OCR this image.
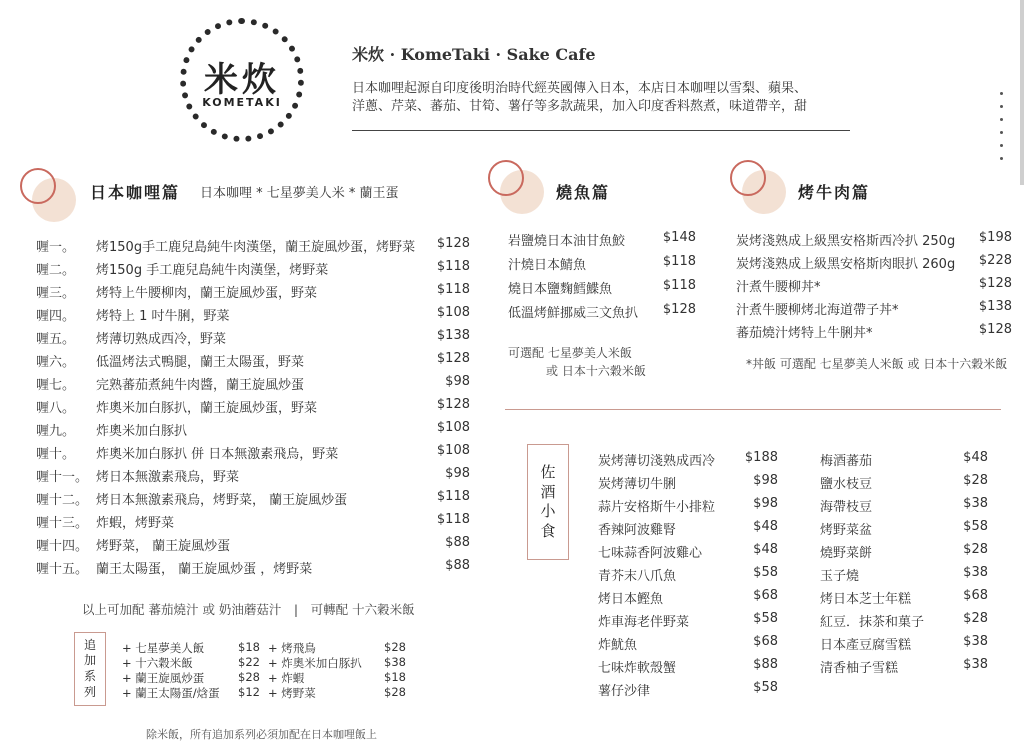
米炊
KOMETAKI
米炊 · KomeTaki · Sake Cafe
日本咖哩起源自印度後明治時代經英國傳入日本，本店日本咖哩以雪梨、蘋果、
洋蔥、芹菜、蕃茄、甘筍、薯仔等多款蔬果，加入印度香料熬煮，味道帶辛，甜
日本咖哩篇 日本咖哩 * 七星夢美人米 * 蘭王蛋
喱一。	烤150g手工鹿兒島純牛肉漢堡，蘭王旋風炒蛋，烤野菜	$128
喱二。	烤150g 手工鹿兒島純牛肉漢堡，烤野菜	$118
喱三。	烤特上牛腰柳肉，蘭王旋風炒蛋，野菜	$118
喱四。	烤特上 1 吋牛脷，野菜	$108
喱五。	烤薄切熟成西冷，野菜	$138
喱六。	低溫烤法式鴨腿，蘭王太陽蛋，野菜	$128
喱七。	完熟蕃茄煮純牛肉醬，蘭王旋風炒蛋	$98
喱八。	炸奧米加白豚扒，蘭王旋風炒蛋，野菜	$128
喱九。	炸奧米加白豚扒	$108
喱十。	炸奧米加白豚扒 併 日本無激素飛烏，野菜	$108
喱十一。 烤日本無激素飛烏，野菜	$98
喱十二。 烤日本無激素飛烏，烤野菜， 蘭王旋風炒蛋	$118
喱十三。 炸蝦，烤野菜	$118
喱十四。 烤野菜， 蘭王旋風炒蛋	$88
喱十五。 蘭王太陽蛋， 蘭王旋風炒蛋 ，烤野菜	$88
以上可加配 蕃茄燒汁 或 奶油蘑菇汁　|　可轉配 十六穀米飯
追
加
系
列
+ 七星夢美人飯	$18
+ 十六穀米飯	$22
+ 蘭王旋風炒蛋	$28
+ 蘭王太陽蛋/焓蛋	$12
+ 烤飛鳥	$28
+ 炸奧米加白豚扒	$38
+ 炸蝦	$18
+ 烤野菜	$28
除米飯，所有追加系列必須加配在日本咖哩飯上
燒魚篇
岩鹽燒日本油甘魚鮫	$148
汁燒日本鯖魚	$118
燒日本鹽麴鱈鰈魚	$118
低溫烤鮮挪威三文魚扒	$128
可選配 七星夢美人米飯
或 日本十六穀米飯
烤牛肉篇
炭烤淺熟成上級黑安格斯西冷扒 250g	$198
炭烤淺熟成上級黑安格斯肉眼扒 260g	$228
汁煮牛腰柳丼*	$128
汁煮牛腰柳烤北海道帶子丼*	$138
蕃茄燒汁烤特上牛脷丼*	$128
*丼飯 可選配 七星夢美人米飯 或 日本十六穀米飯
佐
酒
小
食
炭烤薄切淺熟成西冷	$188
炭烤薄切牛脷	$98
蒜片安格斯牛小排粒	$98
香辣阿波雞腎	$48
七味蒜香阿波雞心	$48
青芥末八爪魚	$58
烤日本鰹魚	$68
炸車海老伴野菜	$58
炸魷魚	$68
七味炸軟殼蟹	$88
薯仔沙律	$58
梅酒蕃茄	$48
鹽水枝豆	$28
海帶枝豆	$38
烤野菜盆	$58
燒野菜餅	$28
玉子燒	$38
烤日本芝士年糕	$68
紅豆．抹茶和菓子	$28
日本產豆腐雪糕	$38
清香柚子雪糕	$38
